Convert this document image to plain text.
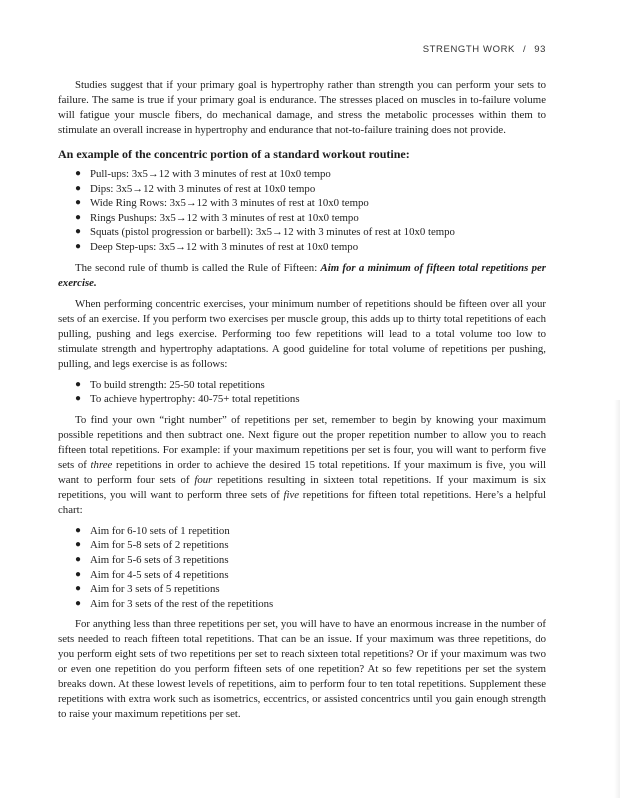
STRENGTH WORK / 93

Studies suggest that if your primary goal is hypertrophy rather than strength you can perform your sets to failure. The same is true if your primary goal is endurance. The stresses placed on muscles in to-failure volume will fatigue your muscle fibers, do mechanical damage, and stress the metabolic processes within them to stimulate an overall increase in hypertrophy and endurance that not-to-failure training does not provide.

An example of the concentric portion of a standard workout routine:
● Pull-ups: 3x5→12 with 3 minutes of rest at 10x0 tempo
● Dips: 3x5→12 with 3 minutes of rest at 10x0 tempo
● Wide Ring Rows: 3x5→12 with 3 minutes of rest at 10x0 tempo
● Rings Pushups: 3x5→12 with 3 minutes of rest at 10x0 tempo
● Squats (pistol progression or barbell): 3x5→12 with 3 minutes of rest at 10x0 tempo
● Deep Step-ups: 3x5→12 with 3 minutes of rest at 10x0 tempo

The second rule of thumb is called the Rule of Fifteen: Aim for a minimum of fifteen total repetitions per exercise.

When performing concentric exercises, your minimum number of repetitions should be fifteen over all your sets of an exercise. If you perform two exercises per muscle group, this adds up to thirty total repetitions of each pulling, pushing and legs exercise. Performing too few repetitions will lead to a total volume too low to stimulate strength and hypertrophy adaptations. A good guideline for total volume of repetitions per pushing, pulling, and legs exercise is as follows:

● To build strength: 25-50 total repetitions
● To achieve hypertrophy: 40-75+ total repetitions

To find your own “right number” of repetitions per set, remember to begin by knowing your maximum possible repetitions and then subtract one. Next figure out the proper repetition number to allow you to reach fifteen total repetitions. For example: if your maximum repetitions per set is four, you will want to perform five sets of three repetitions in order to achieve the desired 15 total repetitions. If your maximum is five, you will want to perform four sets of four repetitions resulting in sixteen total repetitions. If your maximum is six repetitions, you will want to perform three sets of five repetitions for fifteen total repetitions. Here’s a helpful chart:

● Aim for 6-10 sets of 1 repetition
● Aim for 5-8 sets of 2 repetitions
● Aim for 5-6 sets of 3 repetitions
● Aim for 4-5 sets of 4 repetitions
● Aim for 3 sets of 5 repetitions
● Aim for 3 sets of the rest of the repetitions

For anything less than three repetitions per set, you will have to have an enormous increase in the number of sets needed to reach fifteen total repetitions. That can be an issue. If your maximum was three repetitions, do you perform eight sets of two repetitions per set to reach sixteen total repetitions? Or if your maximum was two or even one repetition do you perform fifteen sets of one repetition? At so few repetitions per set the system breaks down. At these lowest levels of repetitions, aim to perform four to ten total repetitions. Supplement these repetitions with extra work such as isometrics, eccentrics, or assisted concentrics until you gain enough strength to raise your maximum repetitions per set.
